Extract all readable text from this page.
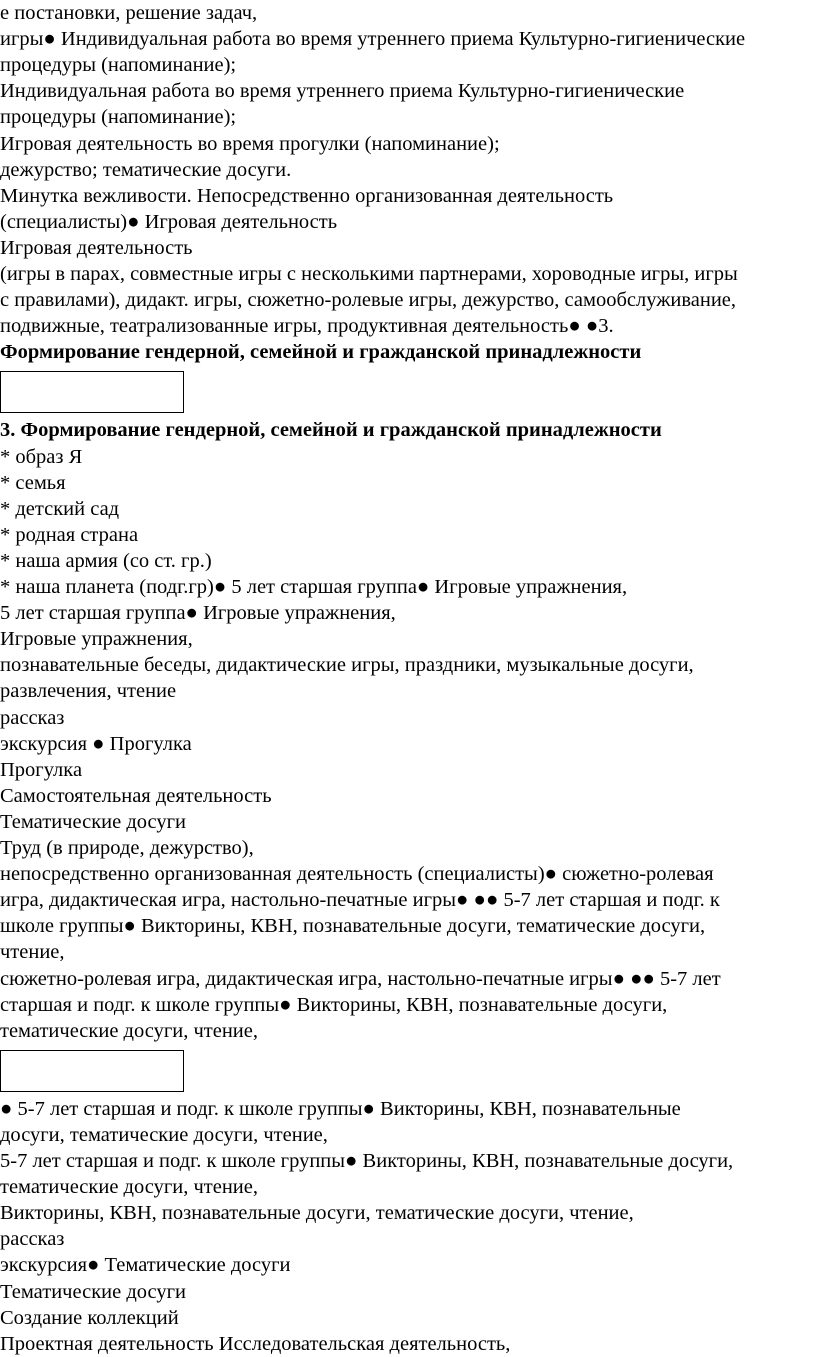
е постановки, решение задач,

игры● Индивидуальная работа во время утреннего приема Культурно-гигиенические

процедуры (напоминание);

Индивидуальная работа во время утреннего приема Культурно-гигиенические

процедуры (напоминание);

Игровая деятельность во время прогулки (напоминание);

дежурство; тематические досуги.

Минутка вежливости. Непосредственно организованная деятельность

(специалисты)● Игровая деятельность

Игровая деятельность

(игры в парах, совместные игры с несколькими партнерами, хороводные игры, игры

с правилами), дидакт. игры, сюжетно-ролевые игры, дежурство, самообслуживание,

подвижные, театрализованные игры, продуктивная деятельность● ●3.

Формирование гендерной, семейной и гражданской принадлежности

3. Формирование гендерной, семейной и гражданской принадлежности

* образ Я

* семья

* детский сад

* родная страна

* наша армия (со ст. гр.)

* наша планета (подг.гр)● 5 лет старшая группа● Игровые упражнения,

5 лет старшая группа● Игровые упражнения,

Игровые упражнения,

познавательные беседы, дидактические игры, праздники, музыкальные досуги,

развлечения, чтение

рассказ

экскурсия ● Прогулка

Прогулка

Самостоятельная деятельность

Тематические досуги

Труд (в природе, дежурство),

непосредственно организованная деятельность (специалисты)● сюжетно-ролевая

игра, дидактическая игра, настольно-печатные игры● ●● 5-7 лет старшая и подг. к

школе группы● Викторины, КВН, познавательные досуги, тематические досуги,

чтение,

сюжетно-ролевая игра, дидактическая игра, настольно-печатные игры● ●● 5-7 лет

старшая и подг. к школе группы● Викторины, КВН, познавательные досуги,

тематические досуги, чтение,

● 5-7 лет старшая и подг. к школе группы● Викторины, КВН, познавательные

досуги, тематические досуги, чтение,

5-7 лет старшая и подг. к школе группы● Викторины, КВН, познавательные досуги,

тематические досуги, чтение,

Викторины, КВН, познавательные досуги, тематические досуги, чтение,

рассказ

экскурсия● Тематические досуги

Тематические досуги

Создание коллекций

Проектная деятельность Исследовательская деятельность,
